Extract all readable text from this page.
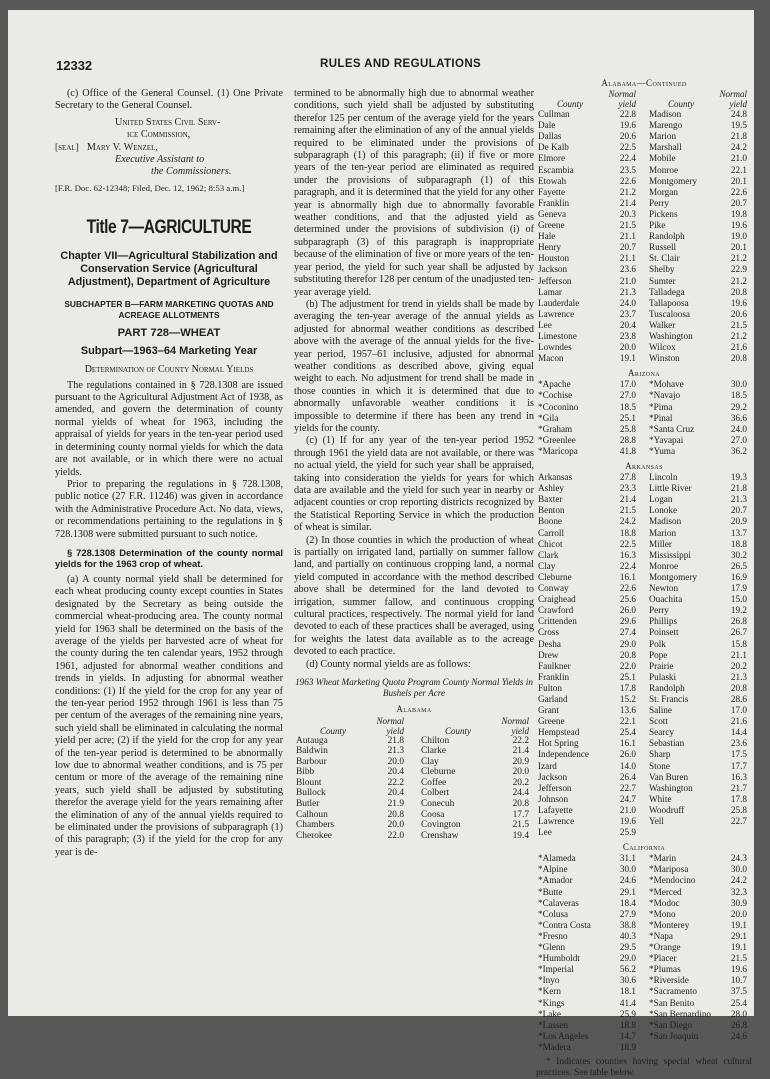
12332	RULES AND REGULATIONS

(c) Office of the General Counsel. (1) One Private Secretary to the General Counsel.

United States Civil Serv-

ice Commission,

[seal] Mary V. Wenzel,

Executive Assistant to

the Commissioners.

[F.R. Doc. 62-12348; Filed, Dec. 12, 1962; 8:53 a.m.]

Title 7—AGRICULTURE
Chapter VII—Agricultural Stabilization and Conservation Service (Agricultural Adjustment), Department of Agriculture
SUBCHAPTER B—FARM MARKETING QUOTAS AND ACREAGE ALLOTMENTS
PART 728—WHEAT
Subpart—1963–64 Marketing Year
Determination of County Normal Yields

The regulations contained in § 728.1308 are issued pursuant to the Agricultural Adjustment Act of 1938, as amended, and govern the determination of county normal yields of wheat for 1963, including the appraisal of yields for years in the ten-year period used in determining county normal yields for which the data are not available, or in which there were no actual yields.

Prior to preparing the regulations in § 728.1308, public notice (27 F.R. 11246) was given in accordance with the Administrative Procedure Act. No data, views, or recommendations pertaining to the regulations in § 728.1308 were submitted pursuant to such notice.

§ 728.1308 Determination of the county normal yields for the 1963 crop of wheat.

(a) A county normal yield shall be determined for each wheat producing county except counties in States designated by the Secretary as being outside the commercial wheat-producing area. The county normal yield for 1963 shall be determined on the basis of the average of the yields per harvested acre of wheat for the county during the ten calendar years, 1952 through 1961, adjusted for abnormal weather conditions and trends in yields. In adjusting for abnormal weather conditions: (1) If the yield for the crop for any year of the ten-year period 1952 through 1961 is less than 75 per centum of the averages of the remaining nine years, such yield shall be eliminated in calculating the normal yield per acre; (2) if the yield for the crop for any year of the ten-year period is determined to be abnormally low due to abnormal weather conditions, and is 75 per centum or more of the average of the remaining nine years, such yield shall be adjusted by substituting therefor the average yield for the years remaining after the elimination of any of the annual yields required to be eliminated under the provisions of subparagraph (1) of this paragraph; (3) if the yield for the crop for any year is de-

termined to be abnormally high due to abnormal weather conditions, such yield shall be adjusted by substituting therefor 125 per centum of the average yield for the years remaining after the elimination of any of the annual yields required to be eliminated under the provisions of subparagraph (1) of this paragraph; (ii) if five or more years of the ten-year period are eliminated as required under the provisions of subparagraph (1) of this paragraph, and it is determined that the yield for any other year is abnormally high due to abnormally favorable weather conditions, and that the adjusted yield as determined under the provisions of subdivision (i) of subparagraph (3) of this paragraph is inappropriate because of the elimination of five or more years of the ten-year period, the yield for such year shall be adjusted by substituting therefor 128 per centum of the unadjusted ten-year average yield.

(b) The adjustment for trend in yields shall be made by averaging the ten-year average of the annual yields as adjusted for abnormal weather conditions as described above with the average of the annual yields for the five-year period, 1957–61 inclusive, adjusted for abnormal weather conditions as described above, giving equal weight to each. No adjustment for trend shall be made in those counties in which it is determined that due to abnormally unfavorable weather conditions it is impossible to determine if there has been any trend in yields for the county.

(c) (1) If for any year of the ten-year period 1952 through 1961 the yield data are not available, or there was no actual yield, the yield for such year shall be appraised, taking into consideration the yields for years for which data are available and the yield for such year in nearby or adjacent counties or crop reporting districts recognized by the Statistical Reporting Service in which the production of wheat is similar.

(2) In those counties in which the production of wheat is partially on irrigated land, partially on summer fallow land, and partially on continuous cropping land, a normal yield computed in accordance with the method described above shall be determined for the land devoted to irrigation, summer fallow, and continuous cropping cultural practices, respectively. The normal yield for land devoted to each of these practices shall be averaged, using for weights the latest data available as to the acreage devoted to each practice.

(d) County normal yields are as follows:

1963 Wheat Marketing Quota Program County Normal Yields in Bushels per Acre

Alabama
County
Normal
yield
Autauga	21.8
Baldwin	21.3
Barbour	20.0
Bibb	20.4
Blount	22.2
Bullock	20.4
Butler	21.9
Calhoun	20.8
Chambers	20.0
Cherokee	22.0
County
Normal
yield
Chilton	22.2
Clarke	21.4
Clay	20.9
Cleburne	20.0
Coffee	20.2
Colbert	24.4
Conecuh	20.8
Coosa	17.7
Covington	21.5
Crenshaw	19.4
Alabama—Continued
County
Normal
yield
Cullman	22.8
Dale	19.6
Dallas	20.6
De Kalb	22.5
Elmore	22.4
Escambia	23.5
Etowah	22.6
Fayette	21.2
Franklin	21.4
Geneva	20.3
Greene	21.5
Hale	21.1
Henry	20.7
Houston	21.1
Jackson	23.6
Jefferson	21.0
Lamar	21.3
Lauderdale	24.0
Lawrence	23.7
Lee	20.4
Limestone	23.8
Lowndes	20.0
Macon	19.1
County
Normal
yield
Madison	24.8
Marengo	19.5
Marion	21.8
Marshall	24.2
Mobile	21.0
Monroe	22.1
Montgomery	20.1
Morgan	22.6
Perry	20.7
Pickens	19.8
Pike	19.6
Randolph	19.0
Russell	20.1
St. Clair	21.2
Shelby	22.9
Sumter	21.2
Talladega	20.8
Tallapoosa	19.6
Tuscaloosa	20.6
Walker	21.5
Washington	21.2
Wilcox	21.6
Winston	20.8
Arizona
*Apache	17.0
*Cochise	27.0
*Coconino	18.5
*Gila	25.1
*Graham	25.8
*Greenlee	28.8
*Maricopa	41.8
*Mohave	30.0
*Navajo	18.5
*Pima	29.2
*Pinal	36.6
*Santa Cruz	24.0
*Yavapai	27.0
*Yuma	36.2
Arkansas
Arkansas	27.8
Ashley	23.3
Baxter	21.4
Benton	21.5
Boone	24.2
Carroll	18.8
Chicot	22.5
Clark	16.3
Clay	22.4
Cleburne	16.1
Conway	22.6
Craighead	25.6
Crawford	26.0
Crittenden	29.6
Cross	27.4
Desha	29.0
Drew	20.8
Faulkner	22.0
Franklin	25.1
Fulton	17.8
Garland	15.2
Grant	13.6
Greene	22.1
Hempstead	25.4
Hot Spring	16.1
Independence	26.0
Izard	14.0
Jackson	26.4
Jefferson	22.7
Johnson	24.7
Lafayette	21.0
Lawrence	19.6
Lee	25.9
Lincoln	19.3
Little River	21.8
Logan	21.3
Lonoke	20.7
Madison	20.9
Marion	13.7
Miller	18.8
Mississippi	30.2
Monroe	26.5
Montgomery	16.9
Newton	17.9
Ouachita	15.0
Perry	19.2
Phillips	26.8
Poinsett	26.7
Polk	15.8
Pope	21.1
Prairie	20.2
Pulaski	21.3
Randolph	20.8
St. Francis	28.6
Saline	17.0
Scott	21.6
Searcy	14.4
Sebastian	23.6
Sharp	17.5
Stone	17.7
Van Buren	16.3
Washington	21.7
White	17.8
Woodruff	25.8
Yell	22.7
California
*Alameda	31.1
*Alpine	30.0
*Amador	24.6
*Butte	29.1
*Calaveras	18.4
*Colusa	27.9
*Contra Costa	38.8
*Fresno	40.3
*Glenn	29.5
*Humboldt	29.0
*Imperial	56.2
*Inyo	30.6
*Kern	18.1
*Kings	41.4
*Lake	25.9
*Lassen	18.8
*Los Angeles	14.7
*Madera	18.9
*Marin	24.3
*Mariposa	30.0
*Mendocino	24.2
*Merced	32.3
*Modoc	30.9
*Mono	20.0
*Monterey	19.1
*Napa	29.1
*Orange	19.1
*Placer	21.5
*Plumas	19.6
*Riverside	10.7
*Sacramento	37.5
*San Benito	25.4
*San Bernardino	28.0
*San Diego	26.8
*San Joaquin	24.6

* Indicates counties having special wheat cultural practices. See table below.
